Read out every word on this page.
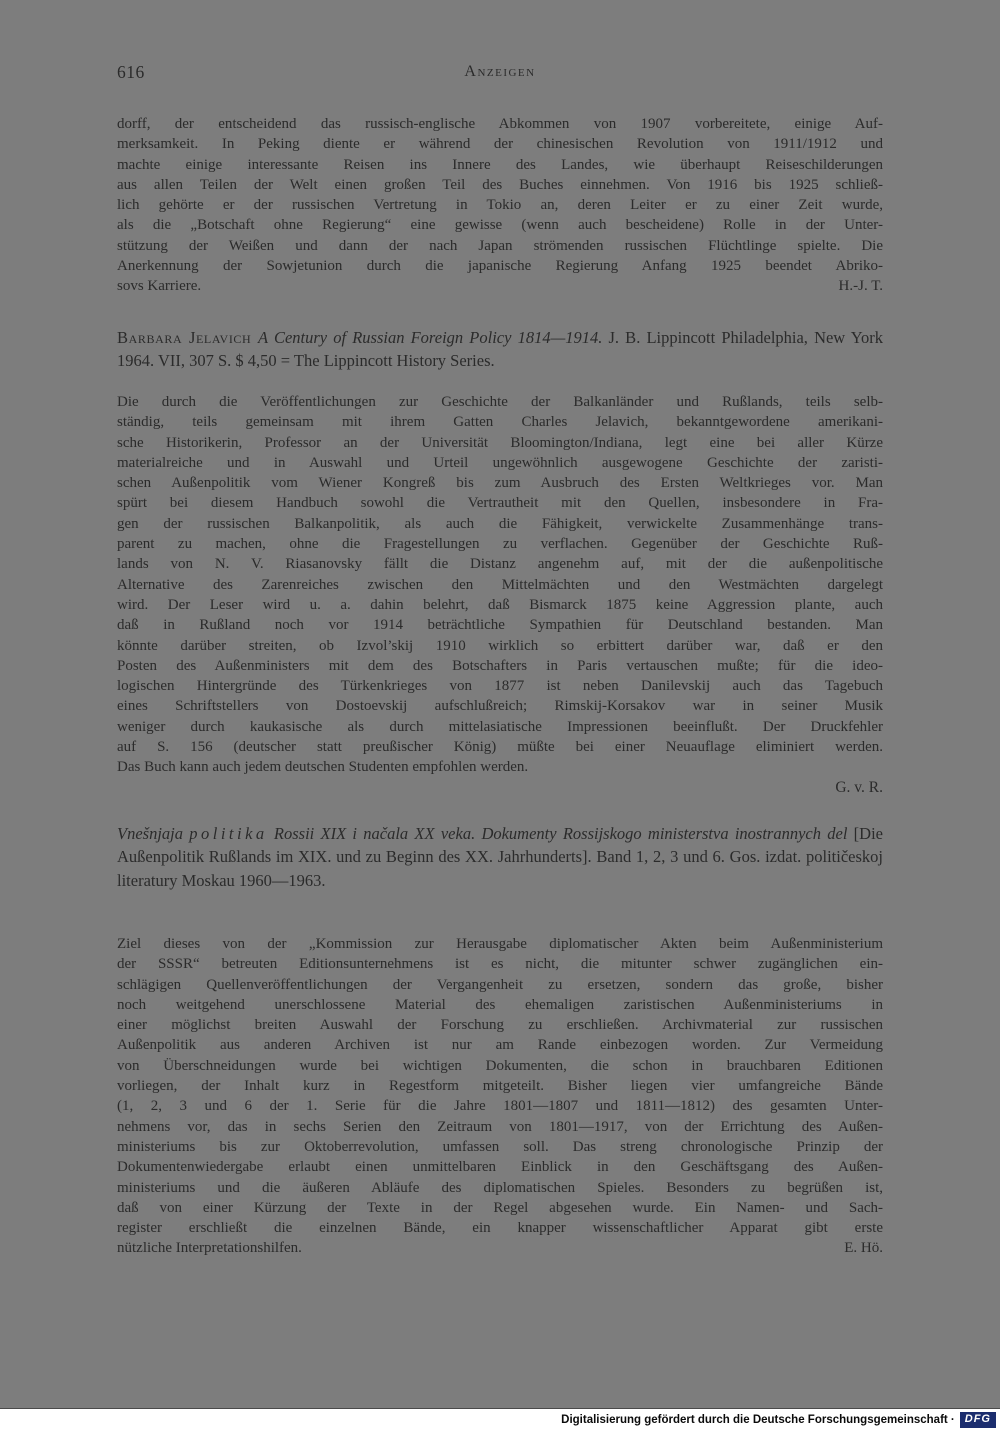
616	Anzeigen
dorff, der entscheidend das russisch-englische Abkommen von 1907 vorbereitete, einige Auf-
merksamkeit. In Peking diente er während der chinesischen Revolution von 1911/1912 und
machte einige interessante Reisen ins Innere des Landes, wie überhaupt Reiseschilderungen
aus allen Teilen der Welt einen großen Teil des Buches einnehmen. Von 1916 bis 1925 schließ-
lich gehörte er der russischen Vertretung in Tokio an, deren Leiter er zu einer Zeit wurde,
als die „Botschaft ohne Regierung“ eine gewisse (wenn auch bescheidene) Rolle in der Unter-
stützung der Weißen und dann der nach Japan strömenden russischen Flüchtlinge spielte. Die
Anerkennung der Sowjetunion durch die japanische Regierung Anfang 1925 beendet Abriko-
sovs Karriere.	H.-J. T.
Barbara Jelavich A Century of Russian Foreign Policy 1814—1914. J. B. Lippincott Philadelphia, New York 1964. VII, 307 S. $ 4,50 = The Lippincott History Series.
Die durch die Veröffentlichungen zur Geschichte der Balkanländer und Rußlands, teils selb-
ständig, teils gemeinsam mit ihrem Gatten Charles Jelavich, bekanntgewordene amerikani-
sche Historikerin, Professor an der Universität Bloomington/Indiana, legt eine bei aller Kürze
materialreiche und in Auswahl und Urteil ungewöhnlich ausgewogene Geschichte der zaristi-
schen Außenpolitik vom Wiener Kongreß bis zum Ausbruch des Ersten Weltkrieges vor. Man
spürt bei diesem Handbuch sowohl die Vertrautheit mit den Quellen, insbesondere in Fra-
gen der russischen Balkanpolitik, als auch die Fähigkeit, verwickelte Zusammenhänge trans-
parent zu machen, ohne die Fragestellungen zu verflachen. Gegenüber der Geschichte Ruß-
lands von N. V. Riasanovsky fällt die Distanz angenehm auf, mit der die außenpolitische
Alternative des Zarenreiches zwischen den Mittelmächten und den Westmächten dargelegt
wird. Der Leser wird u. a. dahin belehrt, daß Bismarck 1875 keine Aggression plante, auch
daß in Rußland noch vor 1914 beträchtliche Sympathien für Deutschland bestanden. Man
könnte darüber streiten, ob Izvol’skij 1910 wirklich so erbittert darüber war, daß er den
Posten des Außenministers mit dem des Botschafters in Paris vertauschen mußte; für die ideo-
logischen Hintergründe des Türkenkrieges von 1877 ist neben Danilevskij auch das Tagebuch
eines Schriftstellers von Dostoevskij aufschlußreich; Rimskij-Korsakov war in seiner Musik
weniger durch kaukasische als durch mittelasiatische Impressionen beeinflußt. Der Druckfehler
auf S. 156 (deutscher statt preußischer König) müßte bei einer Neuauflage eliminiert werden.
Das Buch kann auch jedem deutschen Studenten empfohlen werden.
G. v. R.
Vnešnjaja politika Rossii XIX i načala XX veka. Dokumenty Rossijskogo ministerstva inostrannych del [Die Außenpolitik Rußlands im XIX. und zu Beginn des XX. Jahrhunderts]. Band 1, 2, 3 und 6. Gos. izdat. političeskoj literatury Moskau 1960—1963.
Ziel dieses von der „Kommission zur Herausgabe diplomatischer Akten beim Außenministerium
der SSSR“ betreuten Editionsunternehmens ist es nicht, die mitunter schwer zugänglichen ein-
schlägigen Quellenveröffentlichungen der Vergangenheit zu ersetzen, sondern das große, bisher
noch weitgehend unerschlossene Material des ehemaligen zaristischen Außenministeriums in
einer möglichst breiten Auswahl der Forschung zu erschließen. Archivmaterial zur russischen
Außenpolitik aus anderen Archiven ist nur am Rande einbezogen worden. Zur Vermeidung
von Überschneidungen wurde bei wichtigen Dokumenten, die schon in brauchbaren Editionen
vorliegen, der Inhalt kurz in Regestform mitgeteilt. Bisher liegen vier umfangreiche Bände
(1, 2, 3 und 6 der 1. Serie für die Jahre 1801—1807 und 1811—1812) des gesamten Unter-
nehmens vor, das in sechs Serien den Zeitraum von 1801—1917, von der Errichtung des Außen-
ministeriums bis zur Oktoberrevolution, umfassen soll. Das streng chronologische Prinzip der
Dokumentenwiedergabe erlaubt einen unmittelbaren Einblick in den Geschäftsgang des Außen-
ministeriums und die äußeren Abläufe des diplomatischen Spieles. Besonders zu begrüßen ist,
daß von einer Kürzung der Texte in der Regel abgesehen wurde. Ein Namen- und Sach-
register erschließt die einzelnen Bände, ein knapper wissenschaftlicher Apparat gibt erste
nützliche Interpretationshilfen.	E. Hö.
Digitalisierung gefördert durch die Deutsche Forschungsgemeinschaft · DFG
